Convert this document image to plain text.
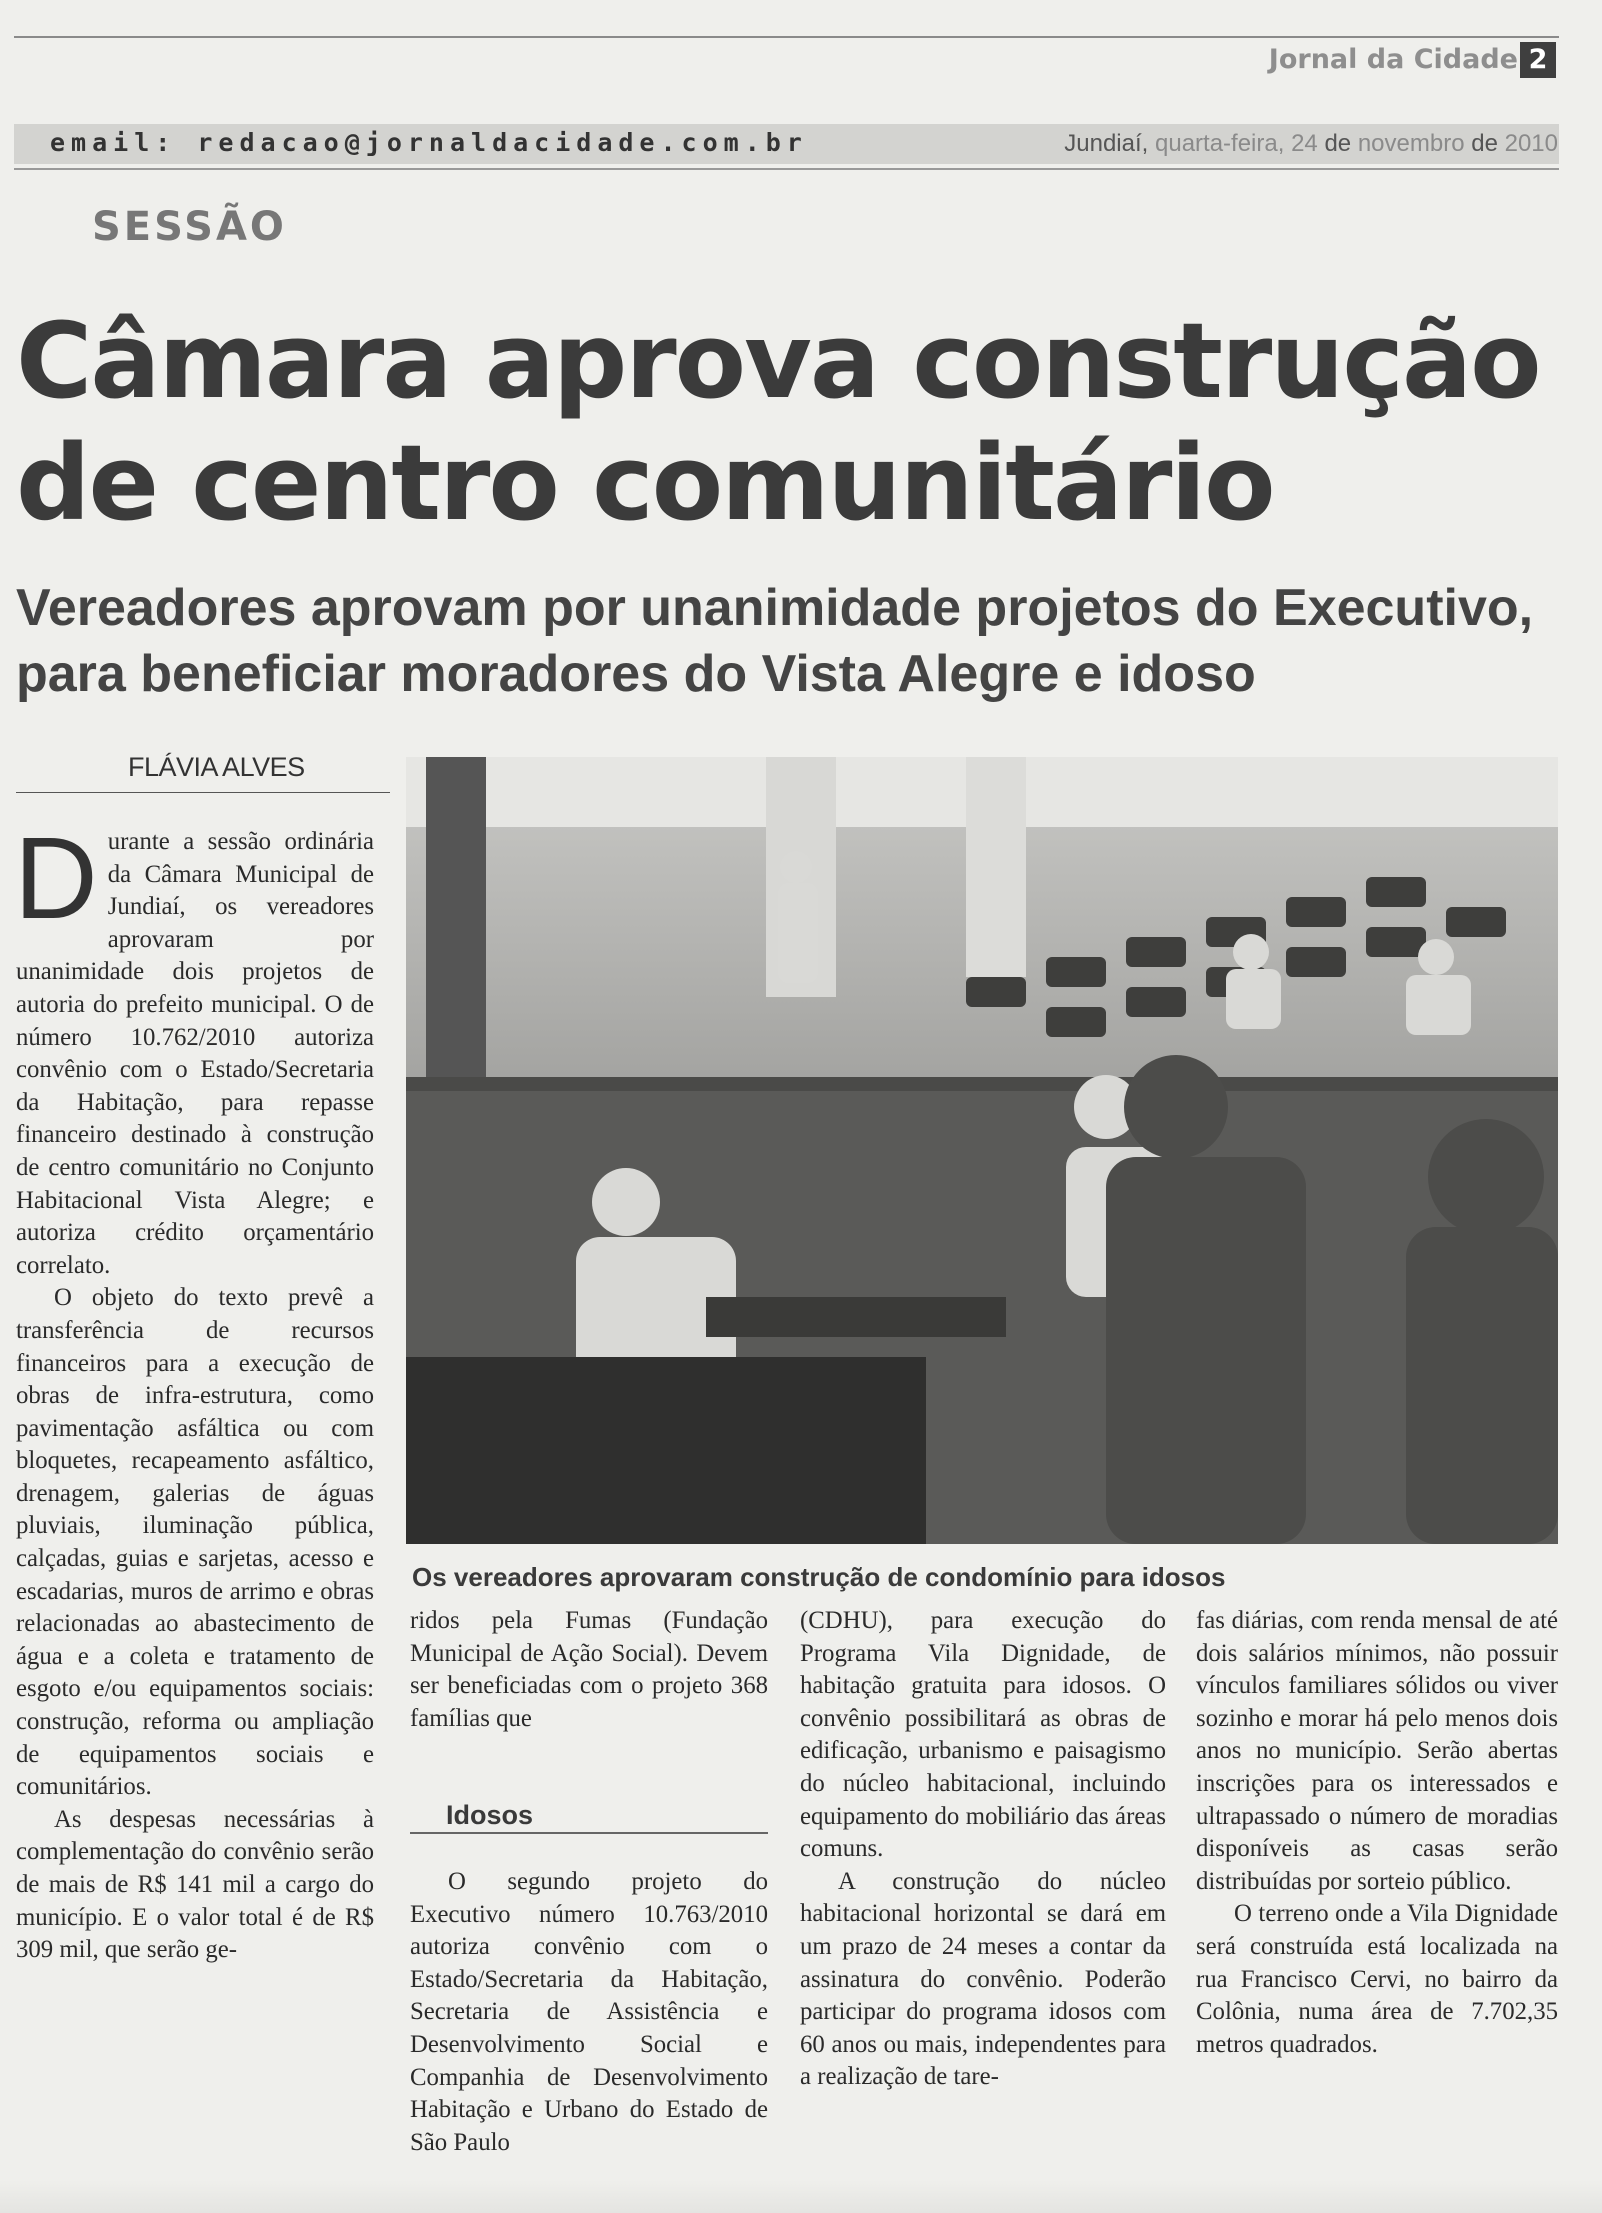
Jornal da Cidade 2
email: redacao@jornaldacidade.com.br	Jundiaí, quarta-feira, 24 de novembro de 2010
SESSÃO
Câmara aprova construção
de centro comunitário
Vereadores aprovam por unanimidade projetos do Executivo,
para beneficiar moradores do Vista Alegre e idoso
FLÁVIA ALVES
Os vereadores aprovaram construção de condomínio para idosos

Durante a sessão ordinária da Câmara Municipal de Jundiaí, os vereadores aprovaram por unanimidade dois projetos de autoria do prefeito municipal. O de número 10.762/2010 autoriza convênio com o Estado/Secretaria da Habitação, para repasse financeiro destinado à construção de centro comunitário no Conjunto Habitacional Vista Alegre; e autoriza crédito orçamentário correlato.

O objeto do texto prevê a transferência de recursos financeiros para a execução de obras de infra-estrutura, como pavimentação asfáltica ou com bloquetes, recapeamento asfáltico, drenagem, galerias de águas pluviais, iluminação pública, calçadas, guias e sarjetas, acesso e escadarias, muros de arrimo e obras relacionadas ao abastecimento de água e a coleta e tratamento de esgoto e/ou equipamentos sociais: construção, reforma ou ampliação de equipamentos sociais e comunitários.

As despesas necessárias à complementação do convênio serão de mais de R$ 141 mil a cargo do município. E o valor total é de R$ 309 mil, que serão ge-

ridos pela Fumas (Fundação Municipal de Ação Social). Devem ser beneficiadas com o projeto 368 famílias que

Idosos

O segundo projeto do Executivo número 10.763/2010 autoriza convênio com o Estado/Secretaria da Habitação, Secretaria de Assistência e Desenvolvimento Social e Companhia de Desenvolvimento Habitação e Urbano do Estado de São Paulo

(CDHU), para execução do Programa Vila Dignidade, de habitação gratuita para idosos. O convênio possibilitará as obras de edificação, urbanismo e paisagismo do núcleo habitacional, incluindo equipamento do mobiliário das áreas comuns.

A construção do núcleo habitacional horizontal se dará em um prazo de 24 meses a contar da assinatura do convênio. Poderão participar do programa idosos com 60 anos ou mais, independentes para a realização de tare-

fas diárias, com renda mensal de até dois salários mínimos, não possuir vínculos familiares sólidos ou viver sozinho e morar há pelo menos dois anos no município. Serão abertas inscrições para os interessados e ultrapassado o número de moradias disponíveis as casas serão distribuídas por sorteio público.

O terreno onde a Vila Dignidade será construída está localizada na rua Francisco Cervi, no bairro da Colônia, numa área de 7.702,35 metros quadrados.
